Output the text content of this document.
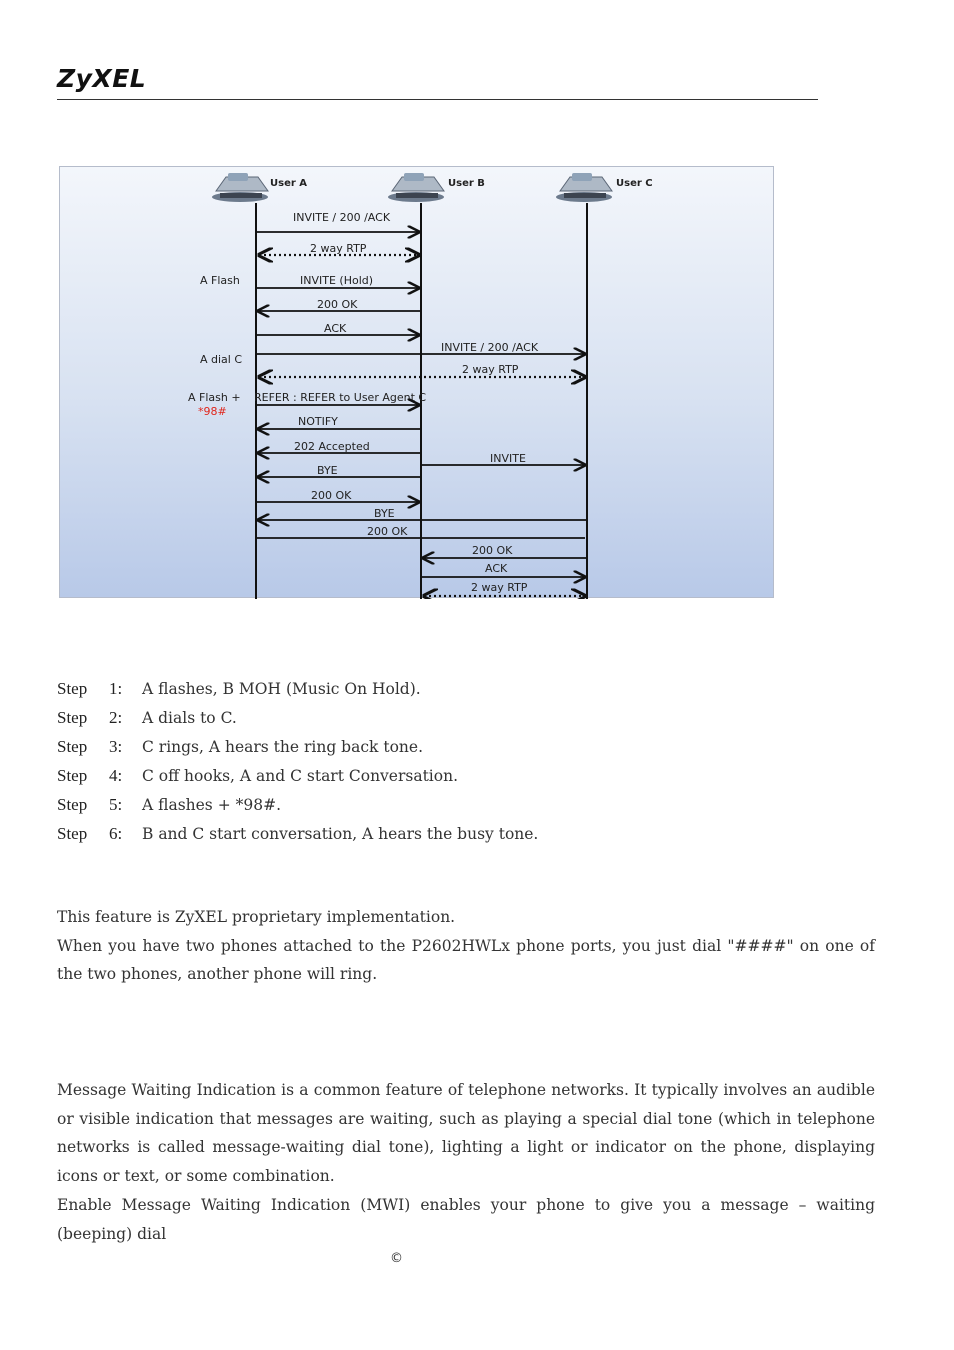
ZyXEL
User A	User B	User C
A Flash
A dial C
A Flash +
*98#
INVITE / 200 /ACK
2 way RTP
INVITE (Hold)
200 OK
ACK
INVITE / 200 /ACK
2 way RTP
REFER : REFER to User Agent C
NOTIFY
202 Accepted
INVITE
BYE
200 OK
BYE
200 OK
200 OK
ACK
2 way RTP
Step	1:	A flashes, B MOH (Music On Hold).
Step	2:	A dials to C.
Step	3:	C rings, A hears the ring back tone.
Step	4:	C off hooks, A and C start Conversation.
Step	5:	A flashes + *98#.
Step	6:	B and C start conversation, A hears the busy tone.

This feature is ZyXEL proprietary implementation.

When you have two phones attached to the P2602HWLx phone ports, you just dial "####" on one of the two phones, another phone will ring.

Message Waiting Indication is a common feature of telephone networks. It typically involves an audible or visible indication that messages are waiting, such as playing a special dial tone (which in telephone networks is called message-waiting dial tone), lighting a light or indicator on the phone, displaying icons or text, or some combination.

Enable Message Waiting Indication (MWI) enables your phone to give you a message – waiting (beeping) dial

©
